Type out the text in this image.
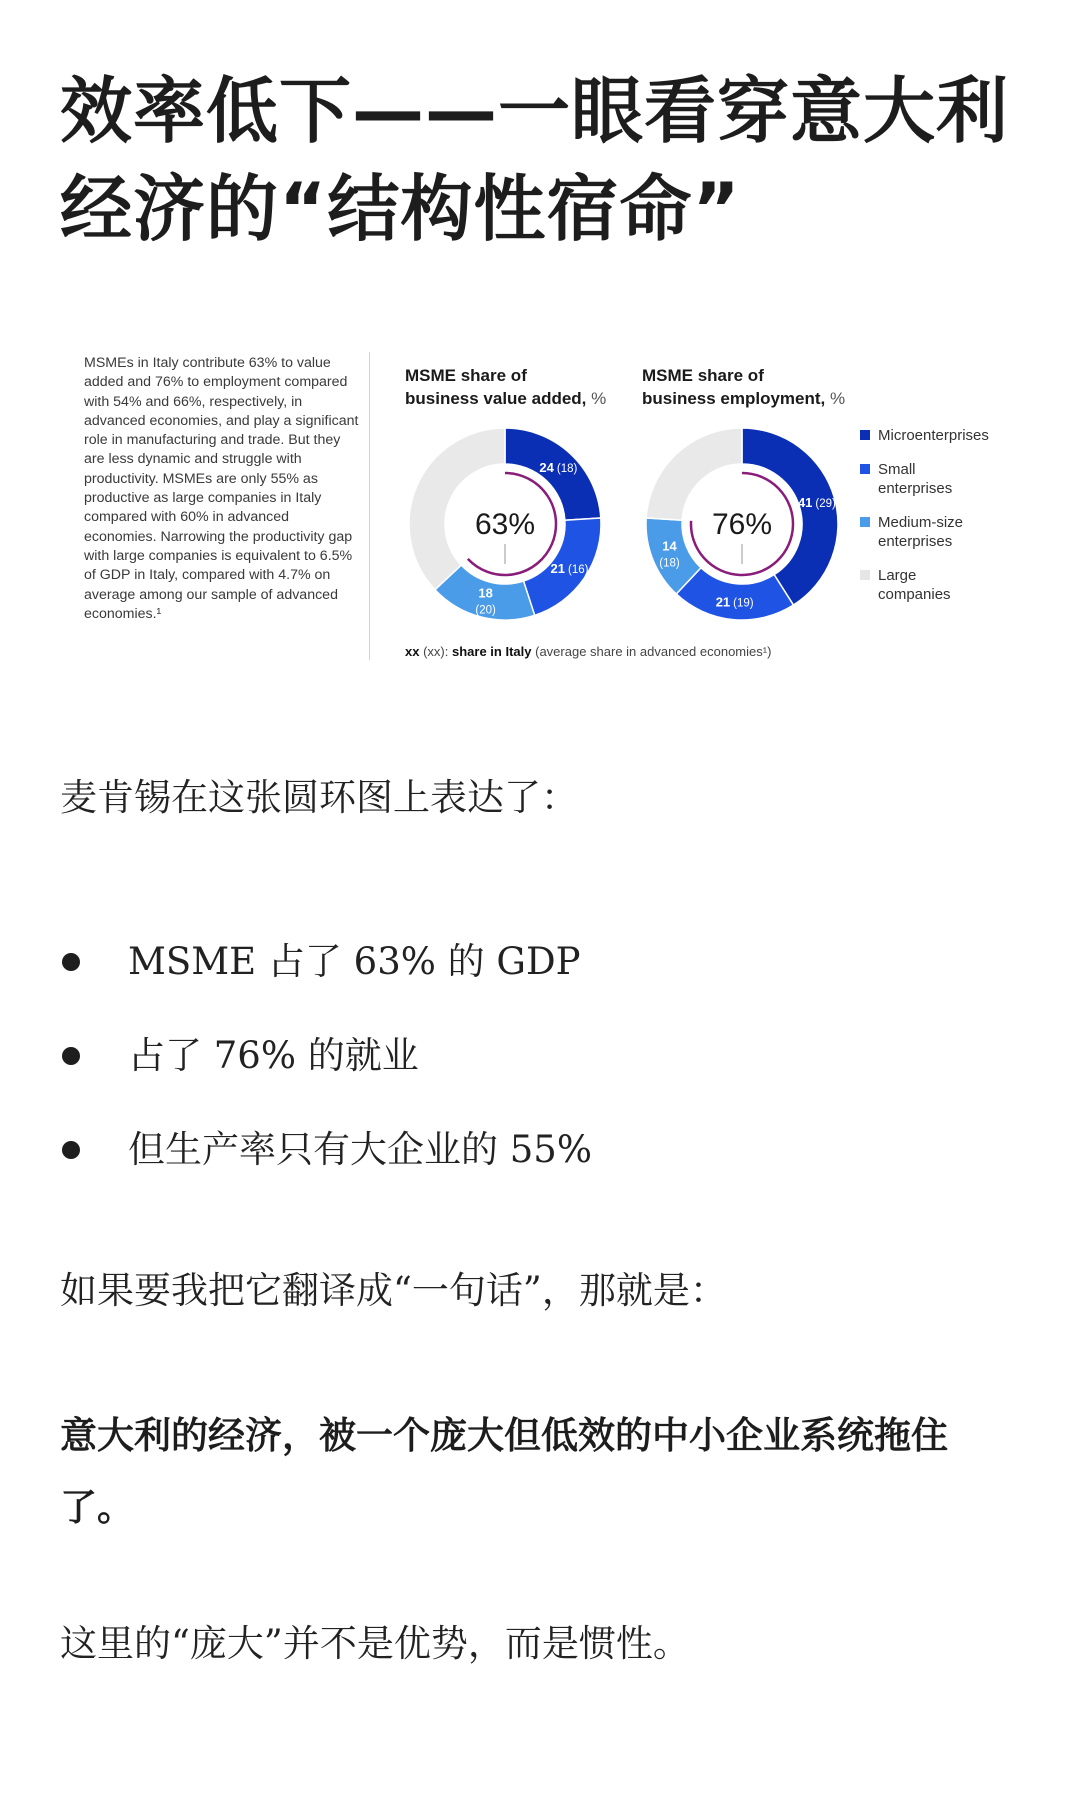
效率低下——一眼看穿意大利经济的“结构性宿命”

MSMEs in Italy contribute 63% to value added and 76% to employment compared with 54% and 66%, respectively, in advanced economies, and play a significant role in manufacturing and trade. But they are less dynamic and struggle with productivity. MSMEs are only 55% as productive as large companies in Italy compared with 60% in advanced economies. Narrowing the productivity gap with large companies is equivalent to 6.5% of GDP in Italy, compared with 4.7% on average among our sample of advanced economies.¹

MSME share of
business value added, %
MSME share of
business employment, %
24 (18)
21 (16)
18
(20)
63%
41 (29)
21 (19)
14
(18)
76%
Microenterprises
Small
enterprises
Medium-size
enterprises
Large
companies
xx (xx): share in Italy (average share in advanced economies¹)

麦肯锡在这张圆环图上表达了：

MSME 占了 63% 的 GDP
占了 76% 的就业
但生产率只有大企业的 55%

如果要我把它翻译成“一句话”，那就是：

意大利的经济，被一个庞大但低效的中小企业系统拖住了。

这里的“庞大”并不是优势，而是惯性。
